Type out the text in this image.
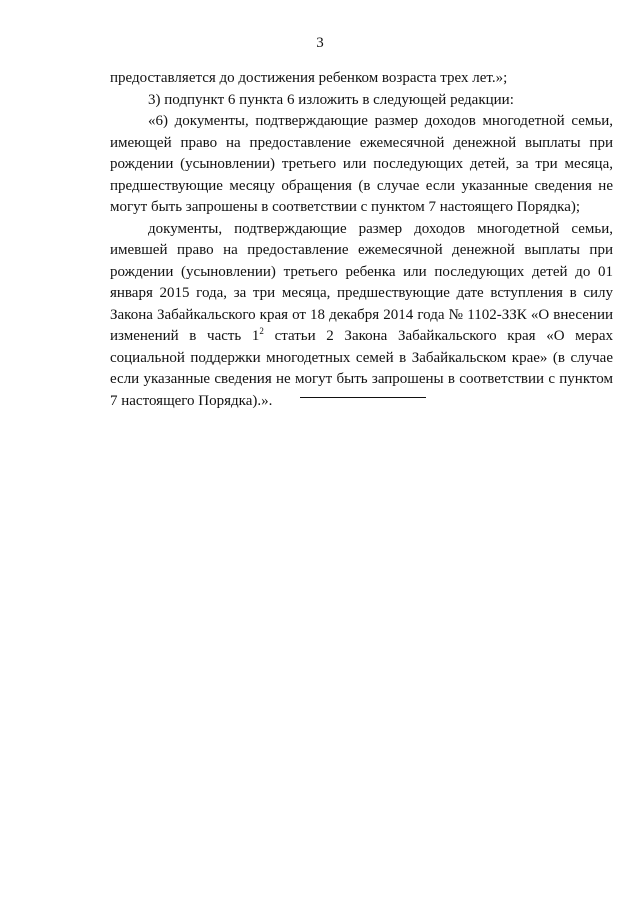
3

предоставляется до достижения ребенком возраста трех лет.»;

3) подпункт 6 пункта 6 изложить в следующей редакции:

«6) документы, подтверждающие размер доходов многодетной семьи, имеющей право на предоставление ежемесячной денежной выплаты при рождении (усыновлении) третьего или последующих детей, за три месяца, предшествующие месяцу обращения (в случае если указанные сведения не могут быть запрошены в соответствии с пунктом 7 настоящего Порядка);

документы, подтверждающие размер доходов многодетной семьи, имевшей право на предоставление ежемесячной денежной выплаты при рождении (усыновлении) третьего ребенка или последующих детей до 01 января 2015 года, за три месяца, предшествующие дате вступления в силу Закона Забайкальского края от 18 декабря 2014 года № 1102-ЗЗК «О внесении изменений в часть $1^2$ статьи 2 Закона Забайкальского края «О мерах социальной поддержки многодетных семей в Забайкальском крае» (в случае если указанные сведения не могут быть запрошены в соответствии с пунктом 7 настоящего Порядка).».
